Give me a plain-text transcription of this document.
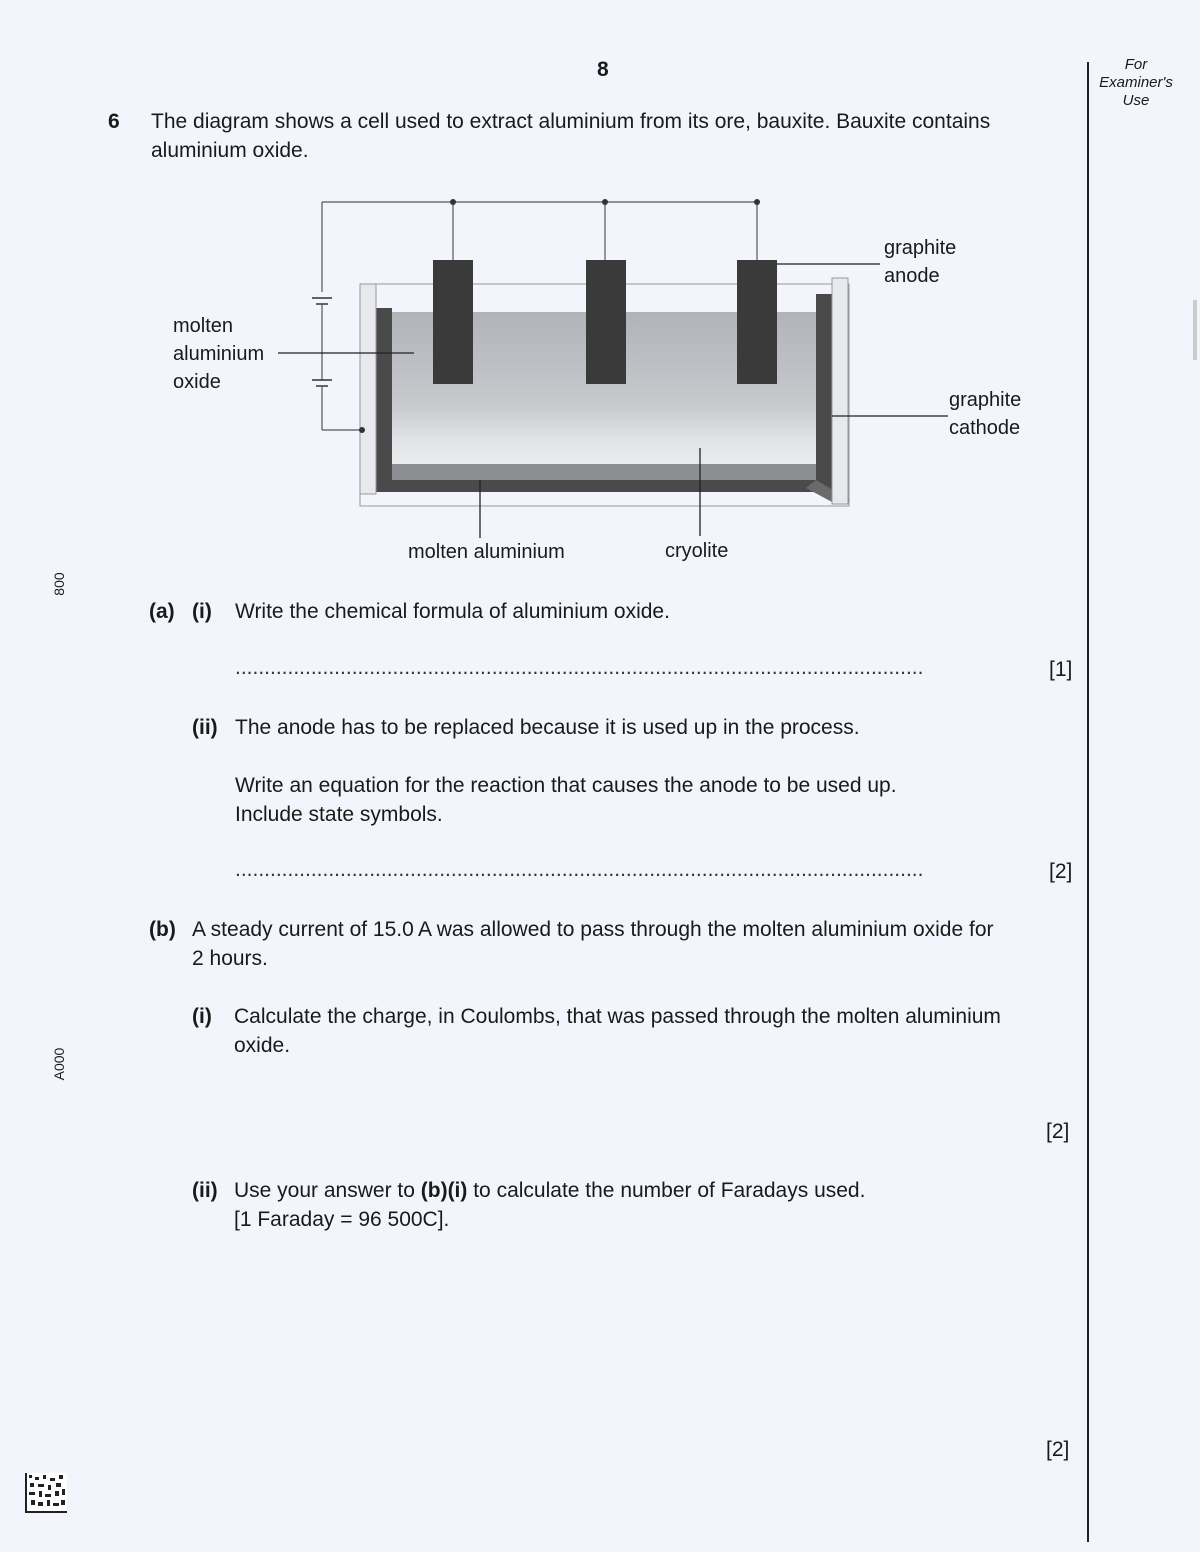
8	For
Examiner's
Use
800
A000
6 The diagram shows a cell used to extract aluminium from its ore, bauxite. Bauxite contains
aluminium oxide.
molten
aluminium
oxide
graphite
anode
graphite
cathode
molten aluminium	cryolite
(a) (i) Write the chemical formula of aluminium oxide.
......................................................................................................................	[1]
(ii) The anode has to be replaced because it is used up in the process.
Write an equation for the reaction that causes the anode to be used up.
Include state symbols.
......................................................................................................................	[2]
(b) A steady current of 15.0 A was allowed to pass through the molten aluminium oxide for
2 hours.
(i) Calculate the charge, in Coulombs, that was passed through the molten aluminium
oxide.
[2]
(ii) Use your answer to (b)(i) to calculate the number of Faradays used.
[1 Faraday = 96 500C].
[2]
